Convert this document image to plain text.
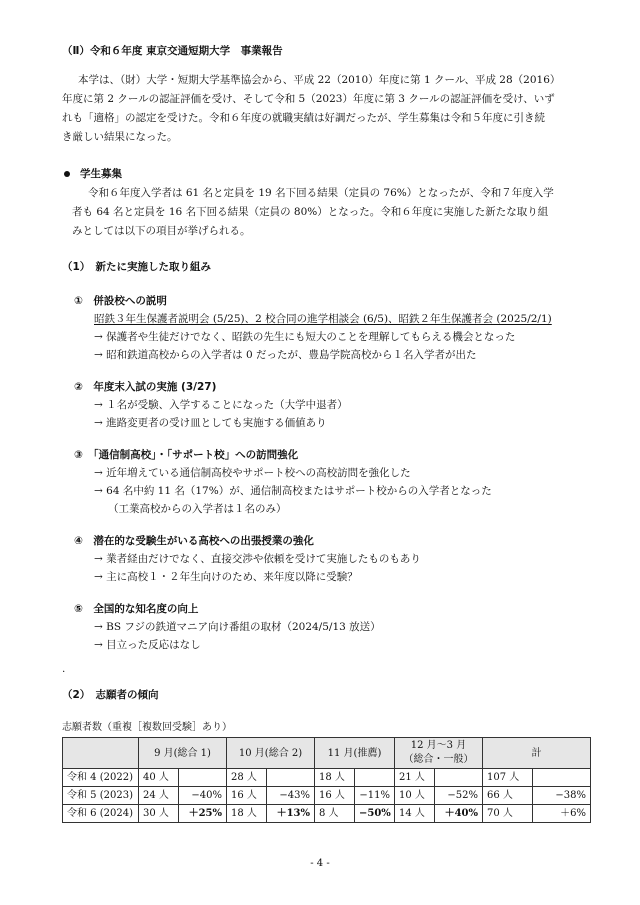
（Ⅱ）令和６年度 東京交通短期大学　事業報告
本学は、（財）大学・短期大学基準協会から、平成 22（2010）年度に第 1 クール、平成 28（2016）
年度に第 2 クールの認証評価を受け、そして令和 5（2023）年度に第 3 クールの認証評価を受け、いず
れも「適格」の認定を受けた。令和６年度の就職実績は好調だったが、学生募集は令和５年度に引き続
き厳しい結果になった。
学生募集
令和６年度入学者は 61 名と定員を 19 名下回る結果（定員の 76%）となったが、令和７年度入学
者も 64 名と定員を 16 名下回る結果（定員の 80%）となった。令和６年度に実施した新たな取り組
みとしては以下の項目が挙げられる。
（1）　新たに実施した取り組み
①　併設校への説明
昭鉄３年生保護者説明会 (5/25)、2 校合同の進学相談会 (6/5)、昭鉄２年生保護者会 (2025/2/1)
→ 保護者や生徒だけでなく、昭鉄の先生にも短大のことを理解してもらえる機会となった
→ 昭和鉄道高校からの入学者は 0 だったが、豊島学院高校から１名入学者が出た
②　年度末入試の実施 (3/27)
→ １名が受験、入学することになった（大学中退者）
→ 進路変更者の受け皿としても実施する価値あり
③　「通信制高校」・「サポート校」への訪問強化
→ 近年増えている通信制高校やサポート校への高校訪問を強化した
→ 64 名中約 11 名（17%）が、通信制高校またはサポート校からの入学者となった
（工業高校からの入学者は１名のみ）
④　潜在的な受験生がいる高校への出張授業の強化
→ 業者経由だけでなく、直接交渉や依頼を受けて実施したものもあり
→ 主に高校１・２年生向けのため、来年度以降に受験？
⑤　全国的な知名度の向上
→ BS フジの鉄道マニア向け番組の取材（2024/5/13 放送）
→ 目立った反応はなし
.
（2）　志願者の傾向
志願者数（重複［複数回受験］あり）
	9 月(総合 1)		10 月(総合 2)		11 月(推薦)		12 月～3 月
（総合・一般）		計	
令和 4 (2022)	40 人		28 人		18 人		21 人		107 人	
令和 5 (2023)	24 人	−40%	16 人	−43%	16 人	−11%	10 人	−52%	66 人	−38%
令和 6 (2024)	30 人	＋25%	18 人	＋13%	8 人	−50%	14 人	＋40%	70 人	＋6%
- 4 -
